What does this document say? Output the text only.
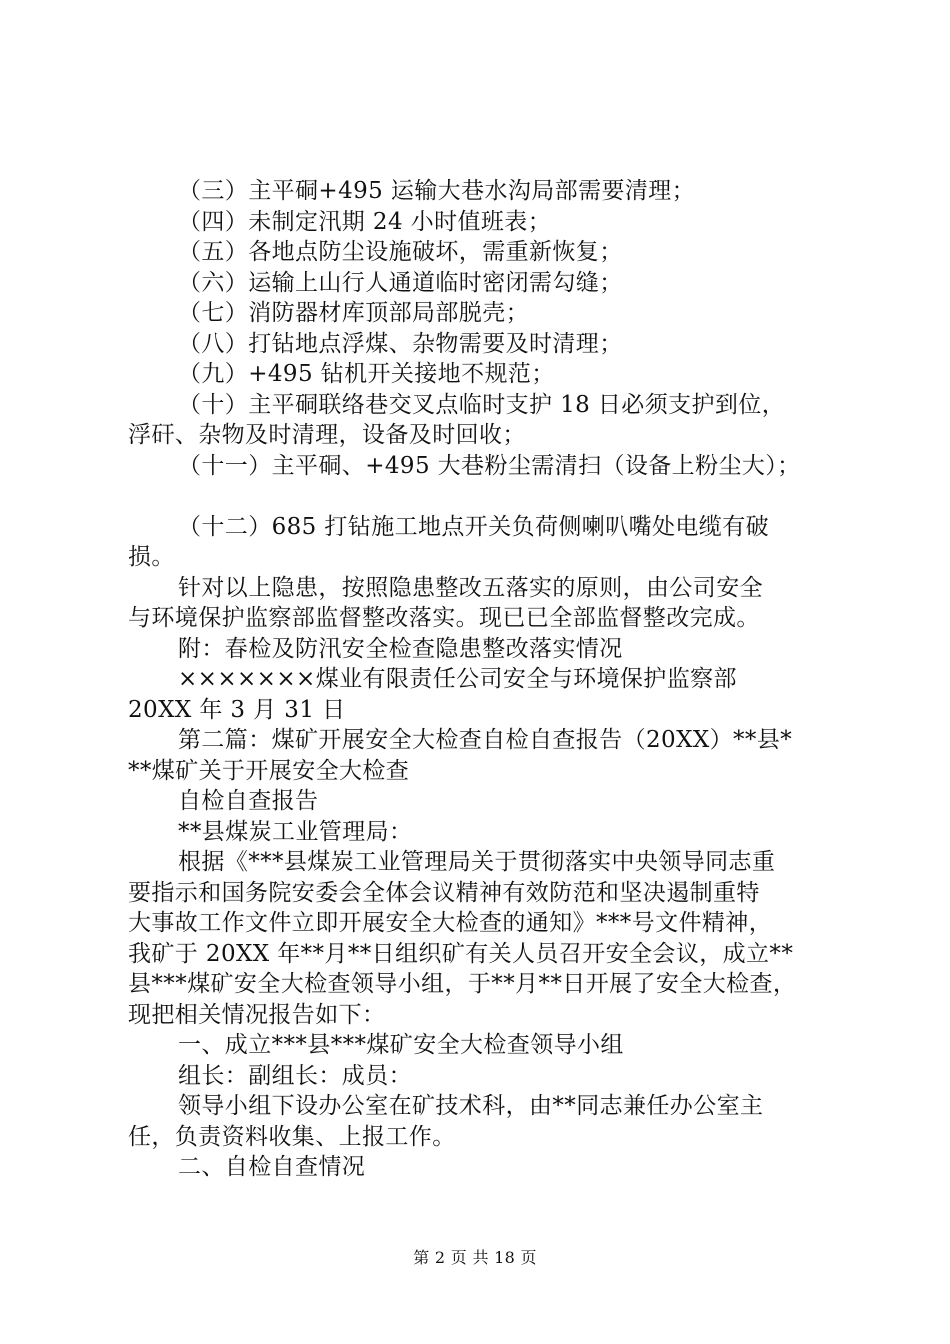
（三）主平硐+495 运输大巷水沟局部需要清理；
（四）未制定汛期 24 小时值班表；
（五）各地点防尘设施破坏，需重新恢复；
（六）运输上山行人通道临时密闭需勾缝；
（七）消防器材库顶部局部脱壳；
（八）打钻地点浮煤、杂物需要及时清理；
（九）+495 钻机开关接地不规范；
（十）主平硐联络巷交叉点临时支护 18 日必须支护到位，
浮矸、杂物及时清理，设备及时回收；
（十一）主平硐、+495 大巷粉尘需清扫（设备上粉尘大）；
（十二）685 打钻施工地点开关负荷侧喇叭嘴处电缆有破
损。
针对以上隐患，按照隐患整改五落实的原则，由公司安全
与环境保护监察部监督整改落实。现已已全部监督整改完成。
附：春检及防汛安全检查隐患整改落实情况
×××××××煤业有限责任公司安全与环境保护监察部
20XX 年 3 月 31 日
第二篇：煤矿开展安全大检查自检自查报告（20XX）**县*
**煤矿关于开展安全大检查
自检自查报告
**县煤炭工业管理局：
根据《***县煤炭工业管理局关于贯彻落实中央领导同志重
要指示和国务院安委会全体会议精神有效防范和坚决遏制重特
大事故工作文件立即开展安全大检查的通知》***号文件精神，
我矿于 20XX 年**月**日组织矿有关人员召开安全会议，成立**
县***煤矿安全大检查领导小组，于**月**日开展了安全大检查，
现把相关情况报告如下：
一、成立***县***煤矿安全大检查领导小组
组长：副组长：成员：
领导小组下设办公室在矿技术科，由**同志兼任办公室主
任，负责资料收集、上报工作。
二、自检自查情况
第 2 页 共 18 页
